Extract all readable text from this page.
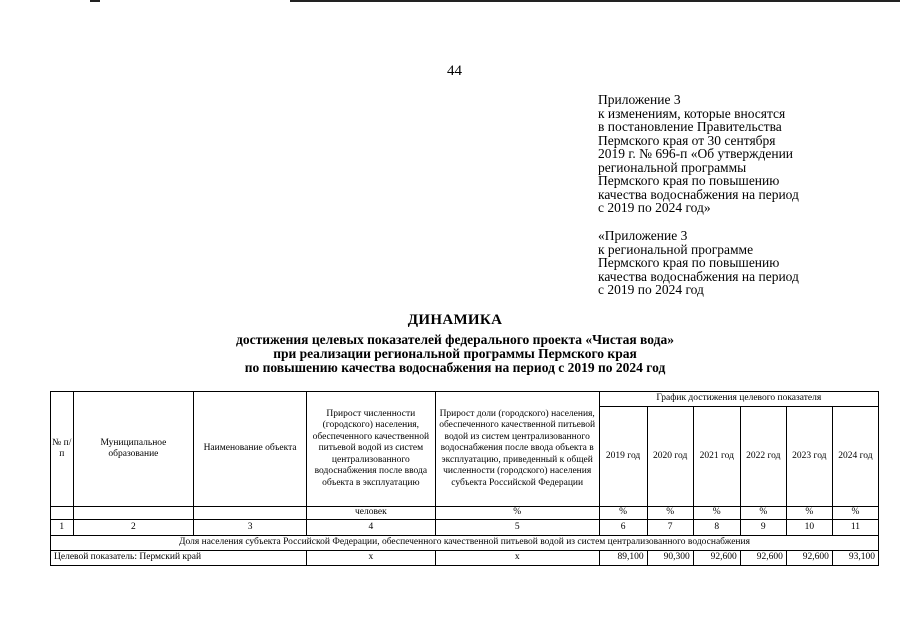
44
Приложение 3
к изменениям, которые вносятся
в постановление Правительства
Пермского края от 30 сентября
2019 г. № 696-п «Об утверждении
региональной программы
Пермского края по повышению
качества водоснабжения на период
с 2019 по 2024 год»
«Приложение 3
к региональной программе
Пермского края по повышению
качества водоснабжения на период
с 2019 по 2024 год
ДИНАМИКА
достижения целевых показателей федерального проекта «Чистая вода»
при реализации региональной программы Пермского края
по повышению качества водоснабжения на период с 2019 по 2024 год
№ п/п	Муниципальное образование	Наименование объекта	Прирост численности (городского) населения, обеспеченного качественной питьевой водой из систем централизованного водоснабжения после ввода объекта в эксплуатацию	Прирост доли (городского) населения, обеспеченного качественной питьевой водой из систем централизованного водоснабжения после ввода объекта в эксплуатацию, приведенный к общей численности (городского) населения субъекта Российской Федерации	График достижения целевого показателя					
					2019 год	2020 год	2021 год	2022 год	2023 год	2024 год
			человек	%	%	%	%	%	%	%
1	2	3	4	5	6	7	8	9	10	11
Доля населения субъекта Российской Федерации, обеспеченного качественной питьевой водой из систем централизованного водоснабжения										
Целевой показатель: Пермский край			х	х	89,100	90,300	92,600	92,600	92,600	93,100
